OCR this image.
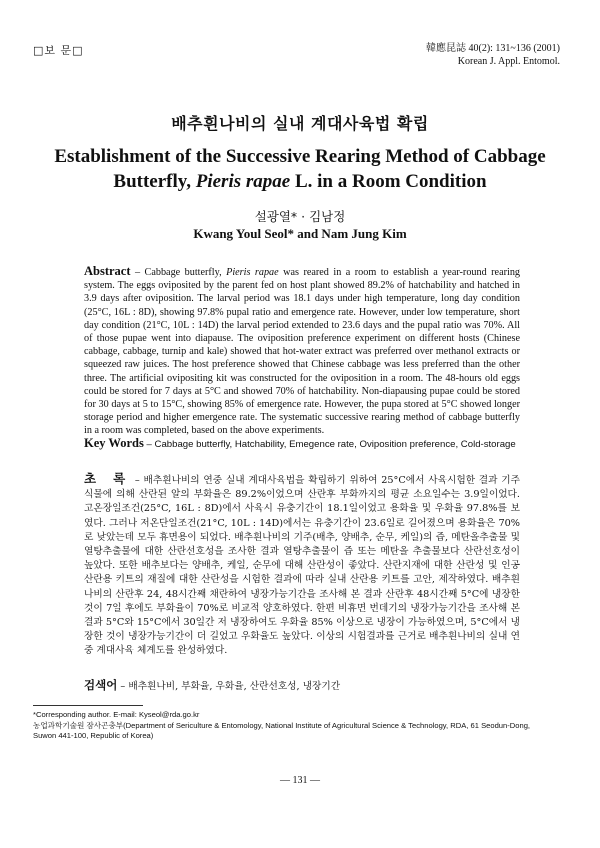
□보 문□	韓應昆誌 40(2): 131~136 (2001)
Korean J. Appl. Entomol.
배추흰나비의 실내 계대사육법 확립
Establishment of the Successive Rearing Method of Cabbage Butterfly, Pieris rapae L. in a Room Condition
설광열* · 김남정
Kwang Youl Seol* and Nam Jung Kim
Abstract – Cabbage butterfly, Pieris rapae was reared in a room to establish a year-round rearing system. The eggs oviposited by the parent fed on host plant showed 89.2% of hatchability and hatched in 3.9 days after oviposition. The larval period was 18.1 days under high temperature, long day condition (25°C, 16L : 8D), showing 97.8% pupal ratio and emergence rate. However, under low temperature, short day condition (21°C, 10L : 14D) the larval period extended to 23.6 days and the pupal ratio was 70%. All of those pupae went into diapause. The oviposition preference experiment on different hosts (Chinese cabbage, cabbage, turnip and kale) showed that hot-water extract was preferred over methanol extracts or squeezed raw juices. The host preference showed that Chinese cabbage was less preferred than the other three. The artificial ovipositing kit was constructed for the oviposition in a room. The 48-hours old eggs could be stored for 7 days at 5°C and showed 70% of hatchability. Non-diapausing pupae could be stored for 30 days at 5 to 15°C, showing 85% of emergence rate. However, the pupa stored at 5°C showed longer storage period and higher emergence rate. The systematic successive rearing method of cabbage butterfly in a room was completed, based on the above experiments.
Key Words – Cabbage butterfly, Hatchability, Emegence rate, Oviposition preference, Cold-storage
초 록 – 배추흰나비의 연중 실내 계대사육법을 확립하기 위하여 25°C에서 사육시험한 결과 기주식물에 의해 산란된 알의 부화율은 89.2%이었으며 산란후 부화까지의 평균 소요일수는 3.9일이었다. 고온장일조건(25°C, 16L : 8D)에서 사육시 유충기간이 18.1일이었고 용화율 및 우화율 97.8%를 보였다. 그러나 저온단일조건(21°C, 10L : 14D)에서는 유충기간이 23.6일로 길어졌으며 용화율은 70%로 낮았는데 모두 휴면용이 되었다. 배추흰나비의 기주(배추, 양배추, 순무, 케일)의 즙, 메탄올추출물 및 열탕추출물에 대한 산란선호성을 조사한 결과 열탕추출물이 즙 또는 메탄올 추출물보다 산란선호성이 높았다. 또한 배추보다는 양배추, 케일, 순무에 대해 산란성이 좋았다. 산란지재에 대한 산란성 및 인공산란용 키트의 재질에 대한 산란성을 시험한 결과에 따라 실내 산란용 키트를 고안, 제작하였다. 배추흰나비의 산란후 24, 48시간째 채란하여 냉장가능기간을 조사해 본 결과 산란후 48시간째 5°C에 냉장한 것이 7일 후에도 부화율이 70%로 비교적 양호하였다. 한편 비휴면 번데기의 냉장가능기간을 조사해 본 결과 5°C와 15°C에서 30일간 저 냉장하여도 우화율 85% 이상으로 냉장이 가능하였으며, 5°C에서 냉장한 것이 냉장가능기간이 더 길었고 우화율도 높았다. 이상의 시험결과를 근거로 배추흰나비의 실내 연중 계대사육 체계도를 완성하였다.
검색어 – 배추흰나비, 부화율, 우화율, 산란선호성, 냉장기간
*Corresponding author. E-mail: Kyseol@rda.go.kr
농업과학기술원 잠사곤충부(Department of Sericulture & Entomology, National Institute of Agricultural Science & Technology, RDA, 61 Seodun-Dong,
Suwon 441-100, Republic of Korea)
— 131 —
